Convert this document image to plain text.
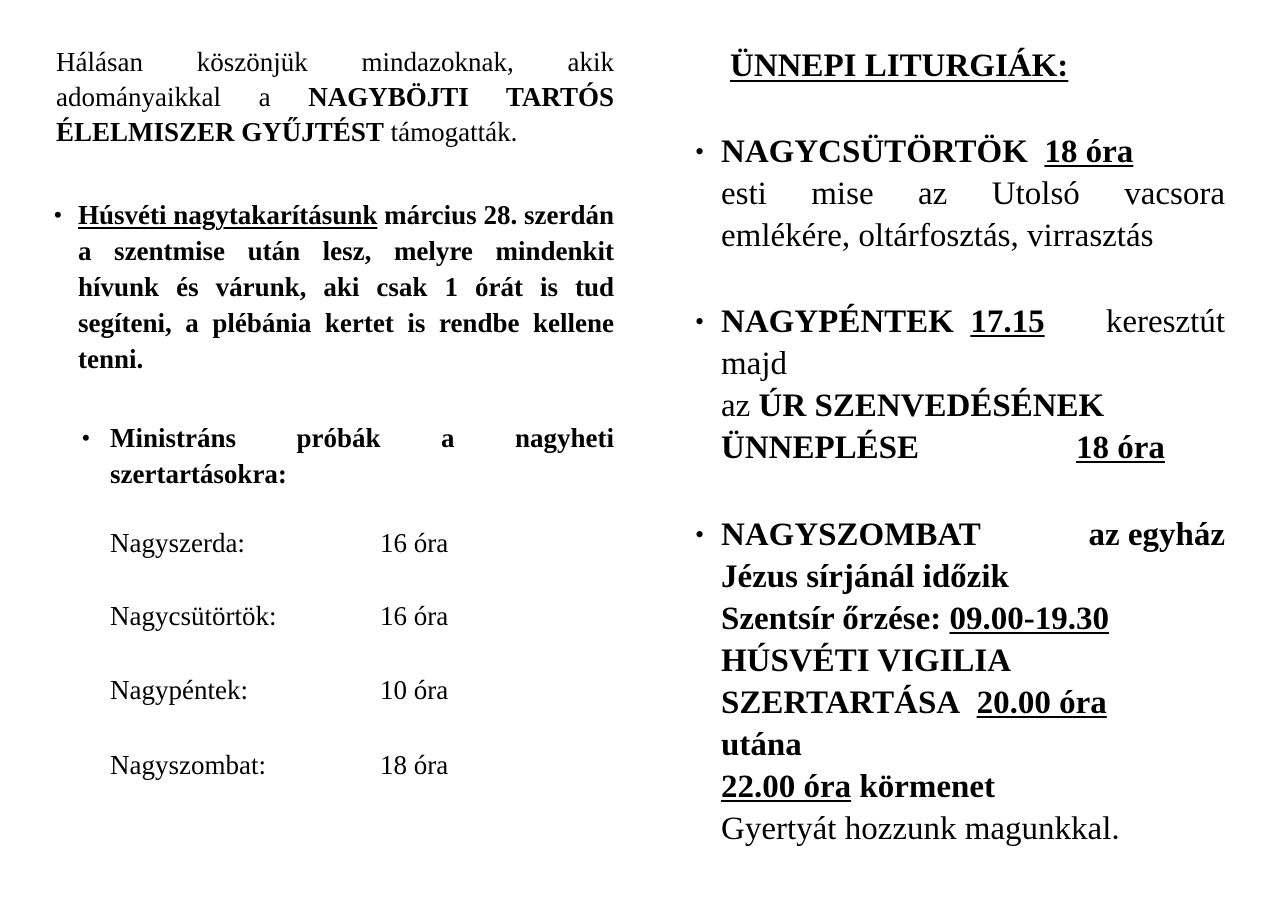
Hálásan köszönjük mindazoknak, akik adományaikkal a NAGYBÖJTI TARTÓS ÉLELMISZER GYŰJTÉST támogatták.

• Húsvéti nagytakarításunk március 28. szerdán a szentmise után lesz, melyre mindenkit hívunk és várunk, aki csak 1 órát is tud segíteni, a plébánia kertet is rendbe kellene tenni.
• Ministráns próbák a nagyheti szertartásokra:
Nagyszerda:	16 óra
Nagycsütörtök:	16 óra
Nagypéntek:	10 óra
Nagyszombat:	18 óra
ÜNNEPI LITURGIÁK:
• NAGYCSÜTÖRTÖK 18 óra
esti mise az Utolsó vacsora
emlékére, oltárfosztás, virrasztás
• NAGYPÉNTEK 17.15 keresztút
majd
az ÚR SZENVEDÉSÉNEK
ÜNNEPLÉSE	18 óra
• NAGYSZOMBAT	az egyház
Jézus sírjánál időzik
Szentsír őrzése: 09.00-19.30
HÚSVÉTI VIGILIA
SZERTARTÁSA 20.00 óra
utána
22.00 óra körmenet
Gyertyát hozzunk magunkkal.
